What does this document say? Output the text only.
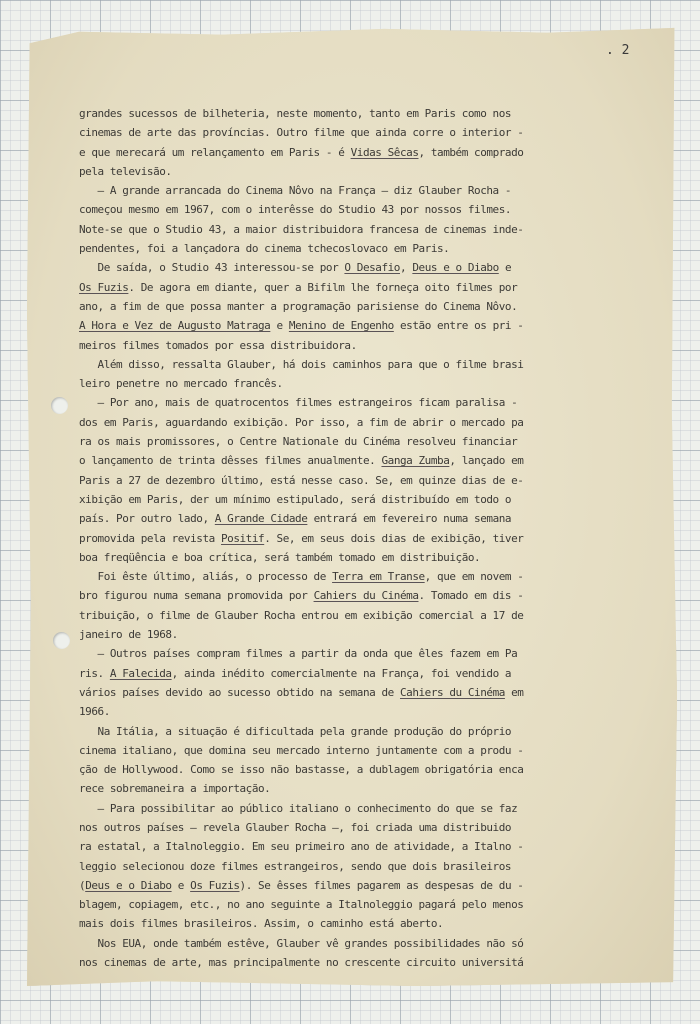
. 2
grandes sucessos de bilheteria, neste momento, tanto em Paris como nos
cinemas de arte das províncias. Outro filme que ainda corre o interior -
e que merecará um relançamento em Paris - é Vidas Sêcas, também comprado
pela televisão.
— A grande arrancada do Cinema Nôvo na França — diz Glauber Rocha -
começou mesmo em 1967, com o interêsse do Studio 43 por nossos filmes.
Note-se que o Studio 43, a maior distribuidora francesa de cinemas inde-
pendentes, foi a lançadora do cinema tchecoslovaco em Paris.
De saída, o Studio 43 interessou-se por O Desafio, Deus e o Diabo e
Os Fuzis. De agora em diante, quer a Bifilm lhe forneça oito filmes por
ano, a fim de que possa manter a programação parisiense do Cinema Nôvo.
A Hora e Vez de Augusto Matraga e Menino de Engenho estão entre os pri -
meiros filmes tomados por essa distribuidora.
Além disso, ressalta Glauber, há dois caminhos para que o filme brasi
leiro penetre no mercado francês.
— Por ano, mais de quatrocentos filmes estrangeiros ficam paralisa -
dos em Paris, aguardando exibição. Por isso, a fim de abrir o mercado pa
ra os mais promissores, o Centre Nationale du Cinéma resolveu financiar
o lançamento de trinta dêsses filmes anualmente. Ganga Zumba, lançado em
Paris a 27 de dezembro último, está nesse caso. Se, em quinze dias de e-
xibição em Paris, der um mínimo estipulado, será distribuído em todo o
país. Por outro lado, A Grande Cidade entrará em fevereiro numa semana
promovida pela revista Positif. Se, em seus dois dias de exibição, tiver
boa freqüência e boa crítica, será também tomado em distribuição.
Foi êste último, aliás, o processo de Terra em Transe, que em novem -
bro figurou numa semana promovida por Cahiers du Cinéma. Tomado em dis -
tribuição, o filme de Glauber Rocha entrou em exibição comercial a 17 de
janeiro de 1968.
— Outros países compram filmes a partir da onda que êles fazem em Pa
ris. A Falecida, ainda inédito comercialmente na França, foi vendido a
vários países devido ao sucesso obtido na semana de Cahiers du Cinéma em
1966.
Na Itália, a situação é dificultada pela grande produção do próprio
cinema italiano, que domina seu mercado interno juntamente com a produ -
ção de Hollywood. Como se isso não bastasse, a dublagem obrigatória enca
rece sobremaneira a importação.
— Para possibilitar ao público italiano o conhecimento do que se faz
nos outros países — revela Glauber Rocha —, foi criada uma distribuido
ra estatal, a Italnoleggio. Em seu primeiro ano de atividade, a Italno -
leggio selecionou doze filmes estrangeiros, sendo que dois brasileiros
(Deus e o Diabo e Os Fuzis). Se êsses filmes pagarem as despesas de du -
blagem, copiagem, etc., no ano seguinte a Italnoleggio pagará pelo menos
mais dois filmes brasileiros. Assim, o caminho está aberto.
Nos EUA, onde também estêve, Glauber vê grandes possibilidades não só
nos cinemas de arte, mas principalmente no crescente circuito universitá
